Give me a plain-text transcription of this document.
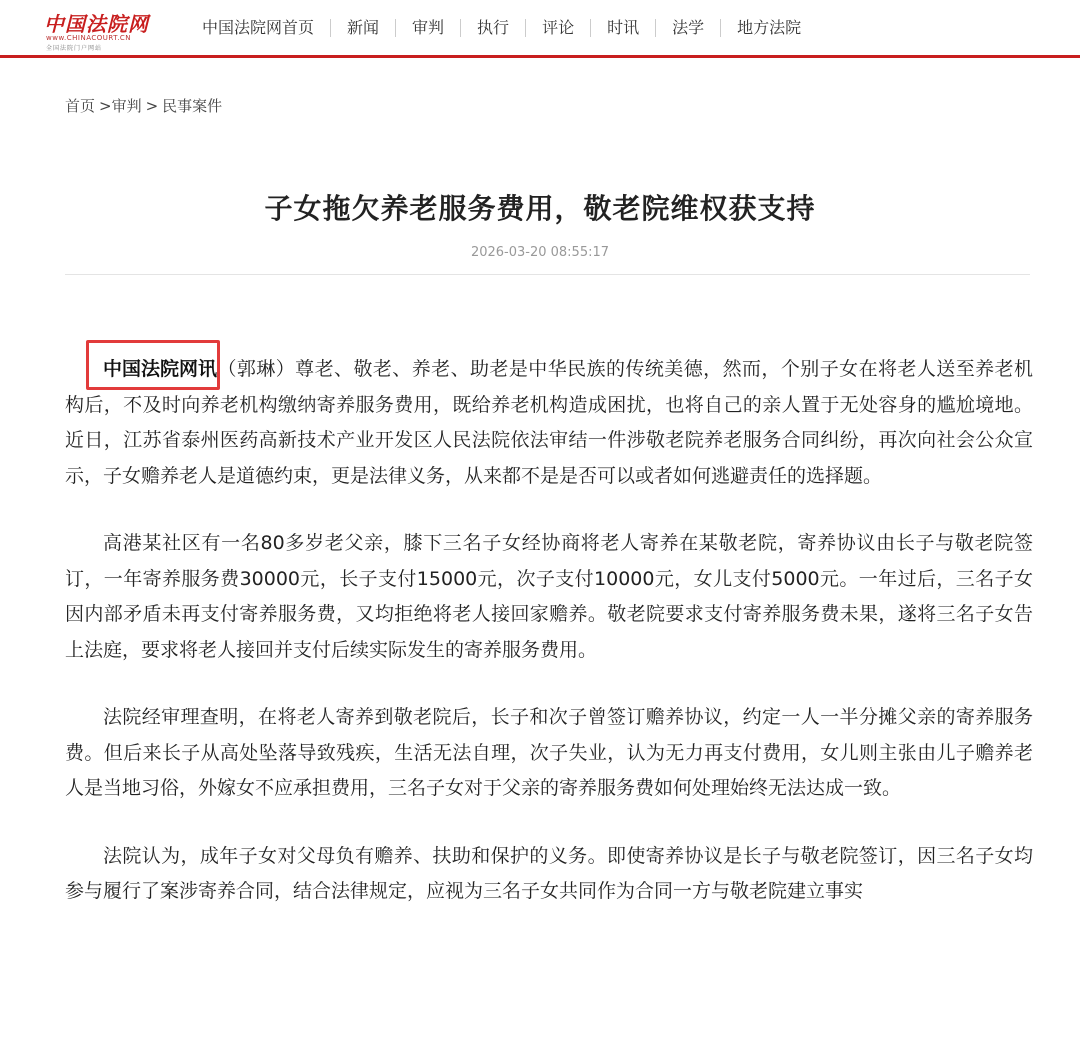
中国法院网
www.CHINACOURT.CN
全国法院门户网站
中国法院网首页	新闻	审判	执行	评论	时讯	法学	地方法院
首页 >审判 > 民事案件
子女拖欠养老服务费用，敬老院维权获支持
2026-03-20 08:55:17

中国法院网讯
（郭琳）尊老、敬老、养老、助老是中华民族的传统美德，然而，个别子女在将老人送至养老机构后，不及时向养老机构缴纳寄养服务费用，既给养老机构造成困扰，也将自己的亲人置于无处容身的尴尬境地。近日，江苏省泰州医药高新技术产业开发区人民法院依法审结一件涉敬老院养老服务合同纠纷，再次向社会公众宣示，子女赡养老人是道德约束，更是法律义务，从来都不是是否可以或者如何逃避责任的选择题。

高港某社区有一名80多岁老父亲，膝下三名子女经协商将老人寄养在某敬老院，寄养协议由长子与敬老院签订，一年寄养服务费30000元，长子支付15000元，次子支付10000元，女儿支付5000元。一年过后，三名子女因内部矛盾未再支付寄养服务费，又均拒绝将老人接回家赡养。敬老院要求支付寄养服务费未果，遂将三名子女告上法庭，要求将老人接回并支付后续实际发生的寄养服务费用。

法院经审理查明，在将老人寄养到敬老院后，长子和次子曾签订赡养协议，约定一人一半分摊父亲的寄养服务费。但后来长子从高处坠落导致残疾，生活无法自理，次子失业，认为无力再支付费用，女儿则主张由儿子赡养老人是当地习俗，外嫁女不应承担费用，三名子女对于父亲的寄养服务费如何处理始终无法达成一致。

法院认为，成年子女对父母负有赡养、扶助和保护的义务。即使寄养协议是长子与敬老院签订，因三名子女均参与履行了案涉寄养合同，结合法律规定，应视为三名子女共同作为合同一方与敬老院建立事实
